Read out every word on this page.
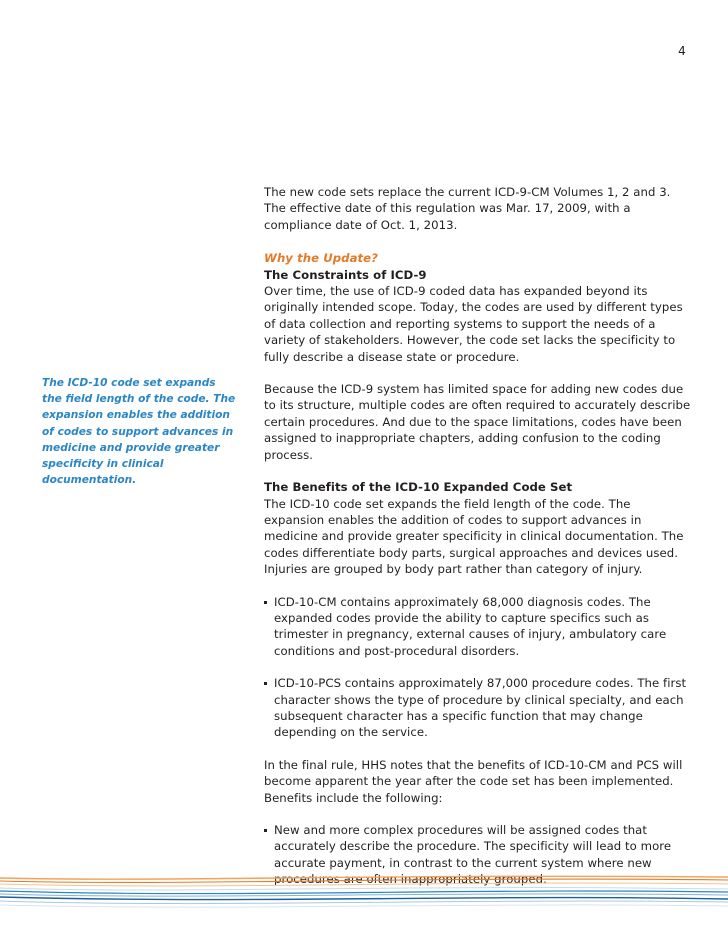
4
The ICD-10 code set expands
the field length of the code. The
expansion enables the addition
of codes to support advances in
medicine and provide greater
specificity in clinical documentation.

The new code sets replace the current ICD-9-CM Volumes 1, 2 and 3. The effective date of this regulation was Mar. 17, 2009, with a compliance date of Oct. 1, 2013.

Why the Update?

The Constraints of ICD-9

Over time, the use of ICD-9 coded data has expanded beyond its originally intended scope. Today, the codes are used by different types of data collection and reporting systems to support the needs of a variety of stakeholders. However, the code set lacks the specificity to fully describe a disease state or procedure.

Because the ICD-9 system has limited space for adding new codes due to its structure, multiple codes are often required to accurately describe certain procedures. And due to the space limitations, codes have been assigned to inappropriate chapters, adding confusion to the coding process.

The Benefits of the ICD-10 Expanded Code Set

The ICD-10 code set expands the field length of the code. The expansion enables the addition of codes to support advances in medicine and provide greater specificity in clinical documentation. The codes differentiate body parts, surgical approaches and devices used. Injuries are grouped by body part rather than category of injury.

ICD-10-CM contains approximately 68,000 diagnosis codes. The expanded codes provide the ability to capture specifics such as trimester in pregnancy, external causes of injury, ambulatory care conditions and post-procedural disorders.
ICD-10-PCS contains approximately 87,000 procedure codes. The first character shows the type of procedure by clinical specialty, and each subsequent character has a specific function that may change depending on the service.

In the final rule, HHS notes that the benefits of ICD-10-CM and PCS will become apparent the year after the code set has been implemented. Benefits include the following:

New and more complex procedures will be assigned codes that accurately describe the procedure. The specificity will lead to more accurate payment, in contrast to the current system where new procedures are often inappropriately grouped.
